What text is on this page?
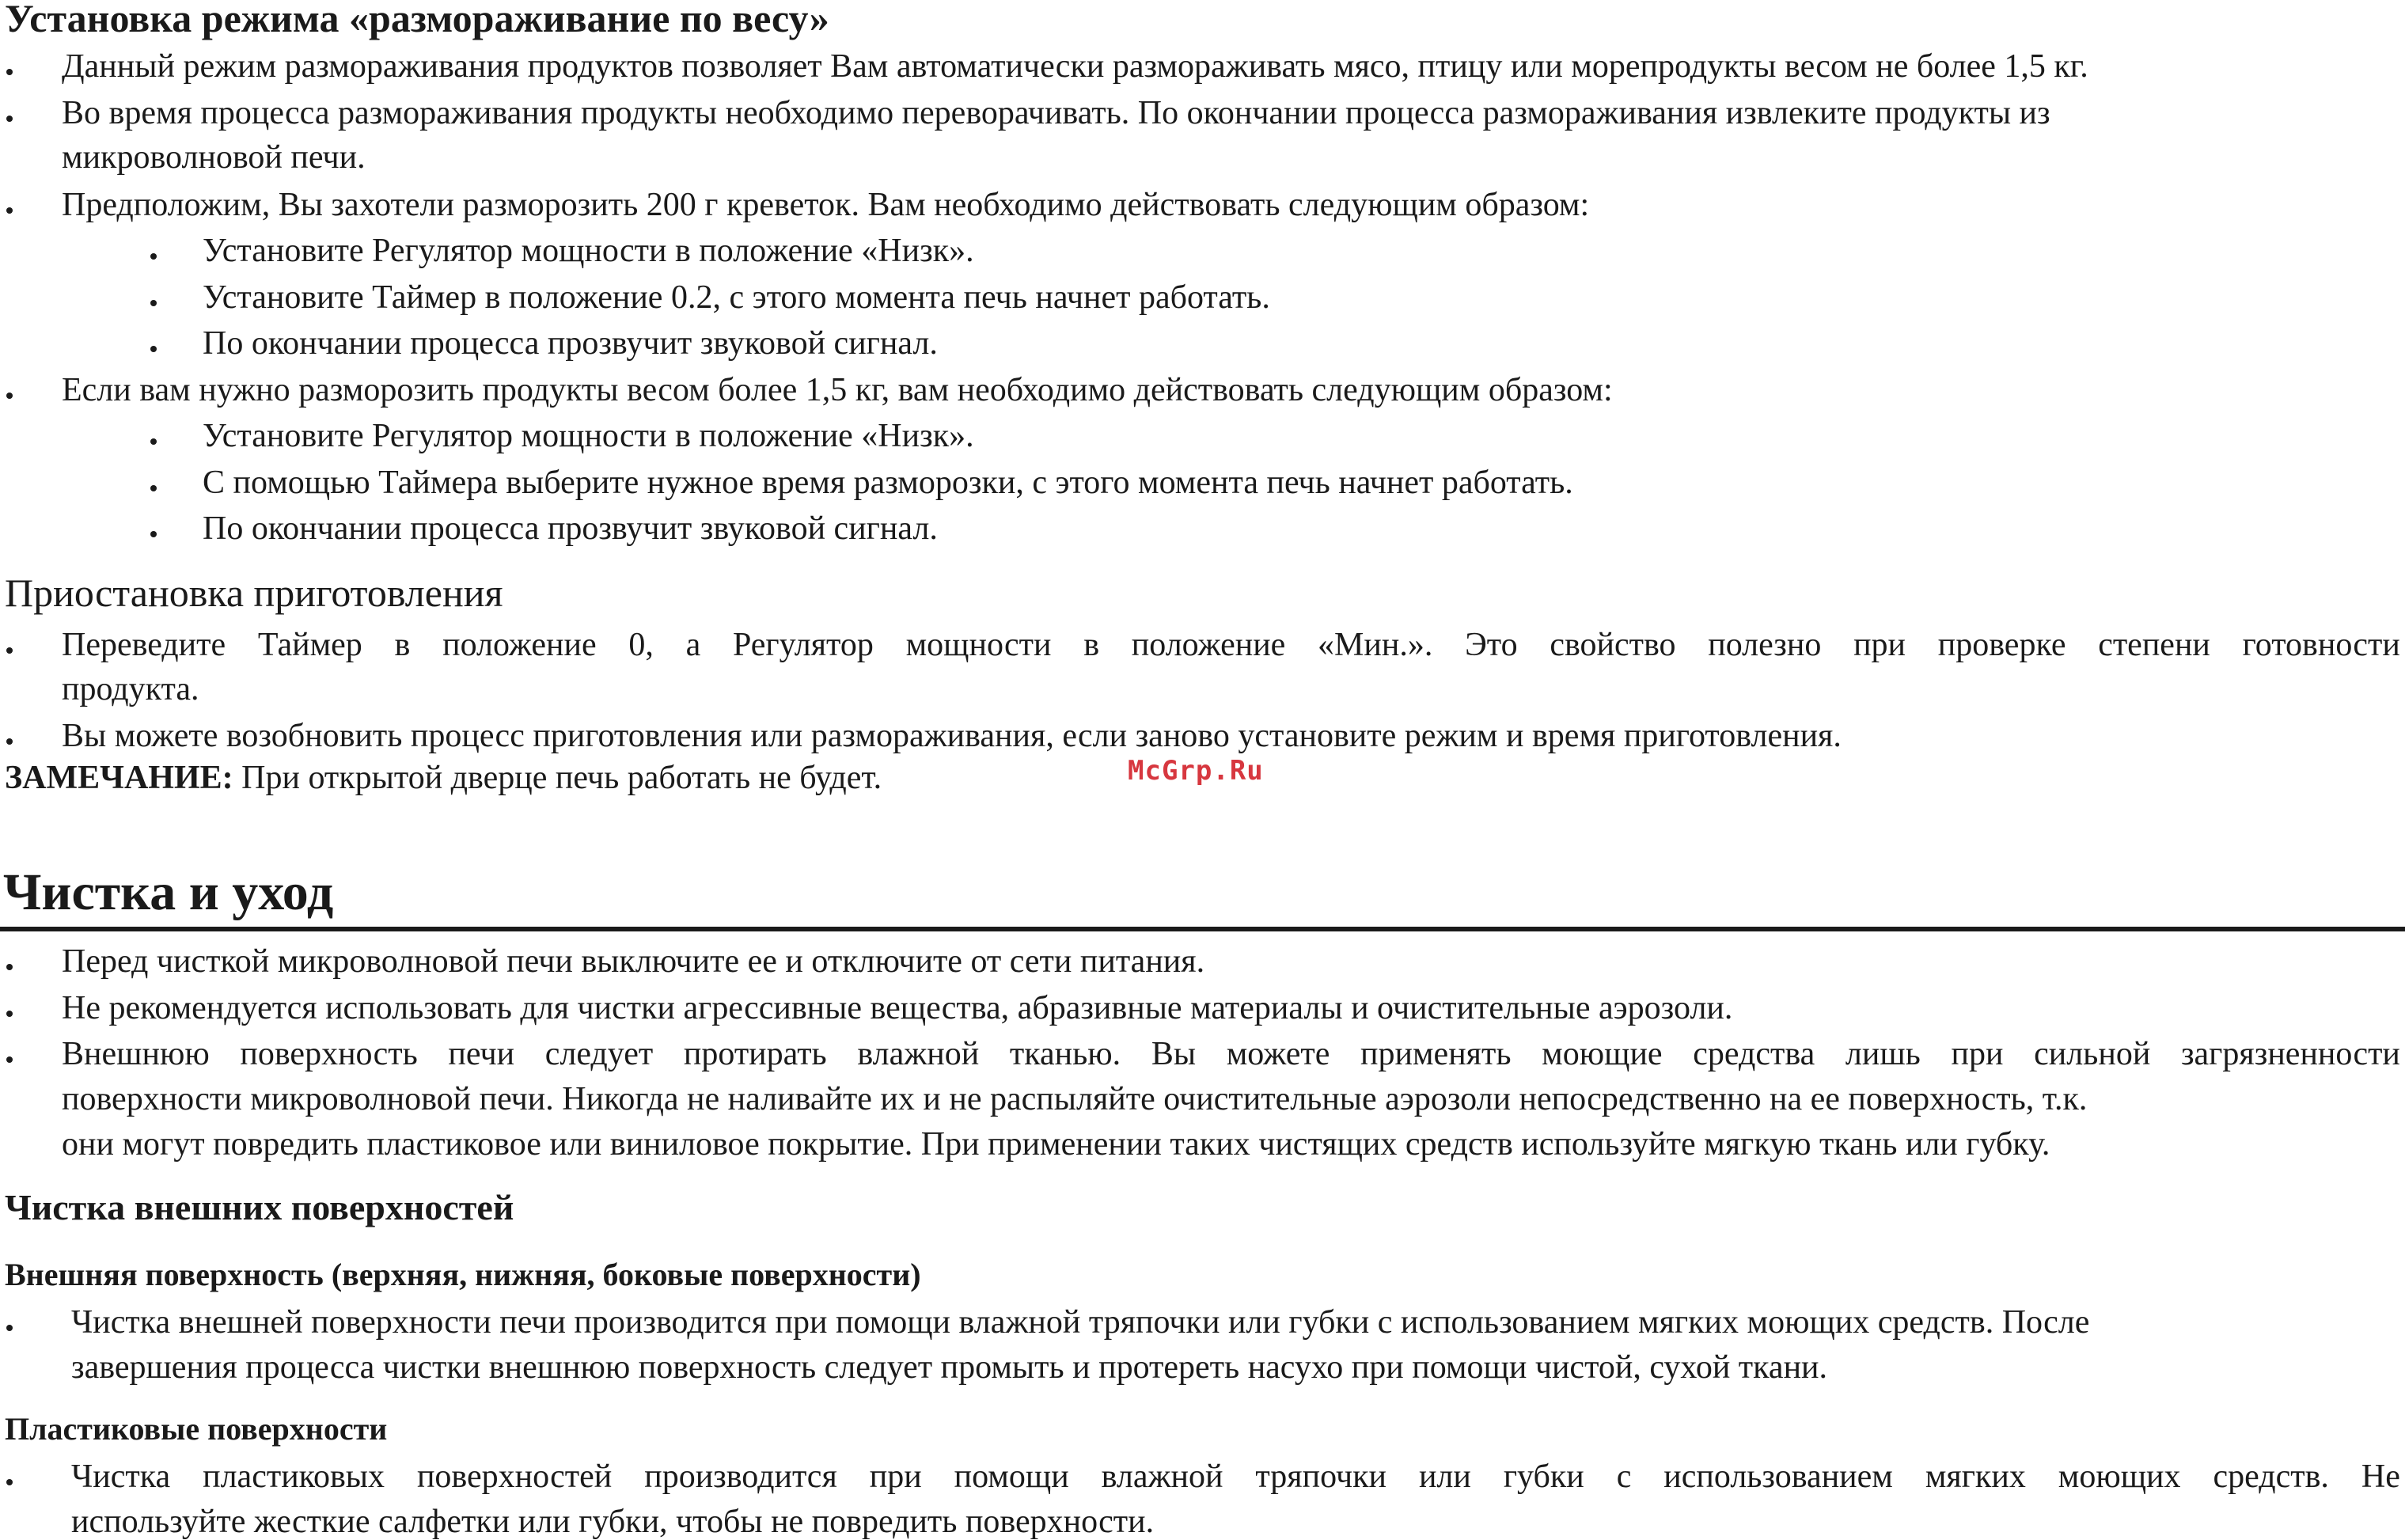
Установка режима «размораживание по весу»
Данный режим размораживания продуктов позволяет Вам автоматически размораживать мясо, птицу или морепродукты весом не более 1,5 кг.
Во время процесса размораживания продукты необходимо переворачивать. По окончании процесса размораживания извлеките продукты из
микроволновой печи.
Предположим, Вы захотели разморозить 200 г креветок. Вам необходимо действовать следующим образом:
Установите Регулятор мощности в положение «Низк».
Установите Таймер в положение 0.2, с этого момента печь начнет работать.
По окончании процесса прозвучит звуковой сигнал.
Если вам нужно разморозить продукты весом более 1,5 кг, вам необходимо действовать следующим образом:
Установите Регулятор мощности в положение «Низк».
С помощью Таймера выберите нужное время разморозки, с этого момента печь начнет работать.
По окончании процесса прозвучит звуковой сигнал.
Приостановка приготовления
Переведите Таймер в положение 0, а Регулятор мощности в положение «Мин.». Это свойство полезно при проверке степени готовности
продукта.
Вы можете возобновить процесс приготовления или размораживания, если заново установите режим и время приготовления.
ЗАМЕЧАНИЕ: При открытой дверце печь работать не будет.	McGrp.Ru
Чистка и уход
Перед чисткой микроволновой печи выключите ее и отключите от сети питания.
Не рекомендуется использовать для чистки агрессивные вещества, абразивные материалы и очистительные аэрозоли.
Внешнюю поверхность печи следует протирать влажной тканью. Вы можете применять моющие средства лишь при сильной загрязненности
поверхности микроволновой печи. Никогда не наливайте их и не распыляйте очистительные аэрозоли непосредственно на ее поверхность, т.к.
они могут повредить пластиковое или виниловое покрытие. При применении таких чистящих средств используйте мягкую ткань или губку.
Чистка внешних поверхностей
Внешняя поверхность (верхняя, нижняя, боковые поверхности)
Чистка внешней поверхности печи производится при помощи влажной тряпочки или губки с использованием мягких моющих средств. После
завершения процесса чистки внешнюю поверхность следует промыть и протереть насухо при помощи чистой, сухой ткани.
Пластиковые поверхности
Чистка пластиковых поверхностей производится при помощи влажной тряпочки или губки с использованием мягких моющих средств. Не
используйте жесткие салфетки или губки, чтобы не повредить поверхности.
